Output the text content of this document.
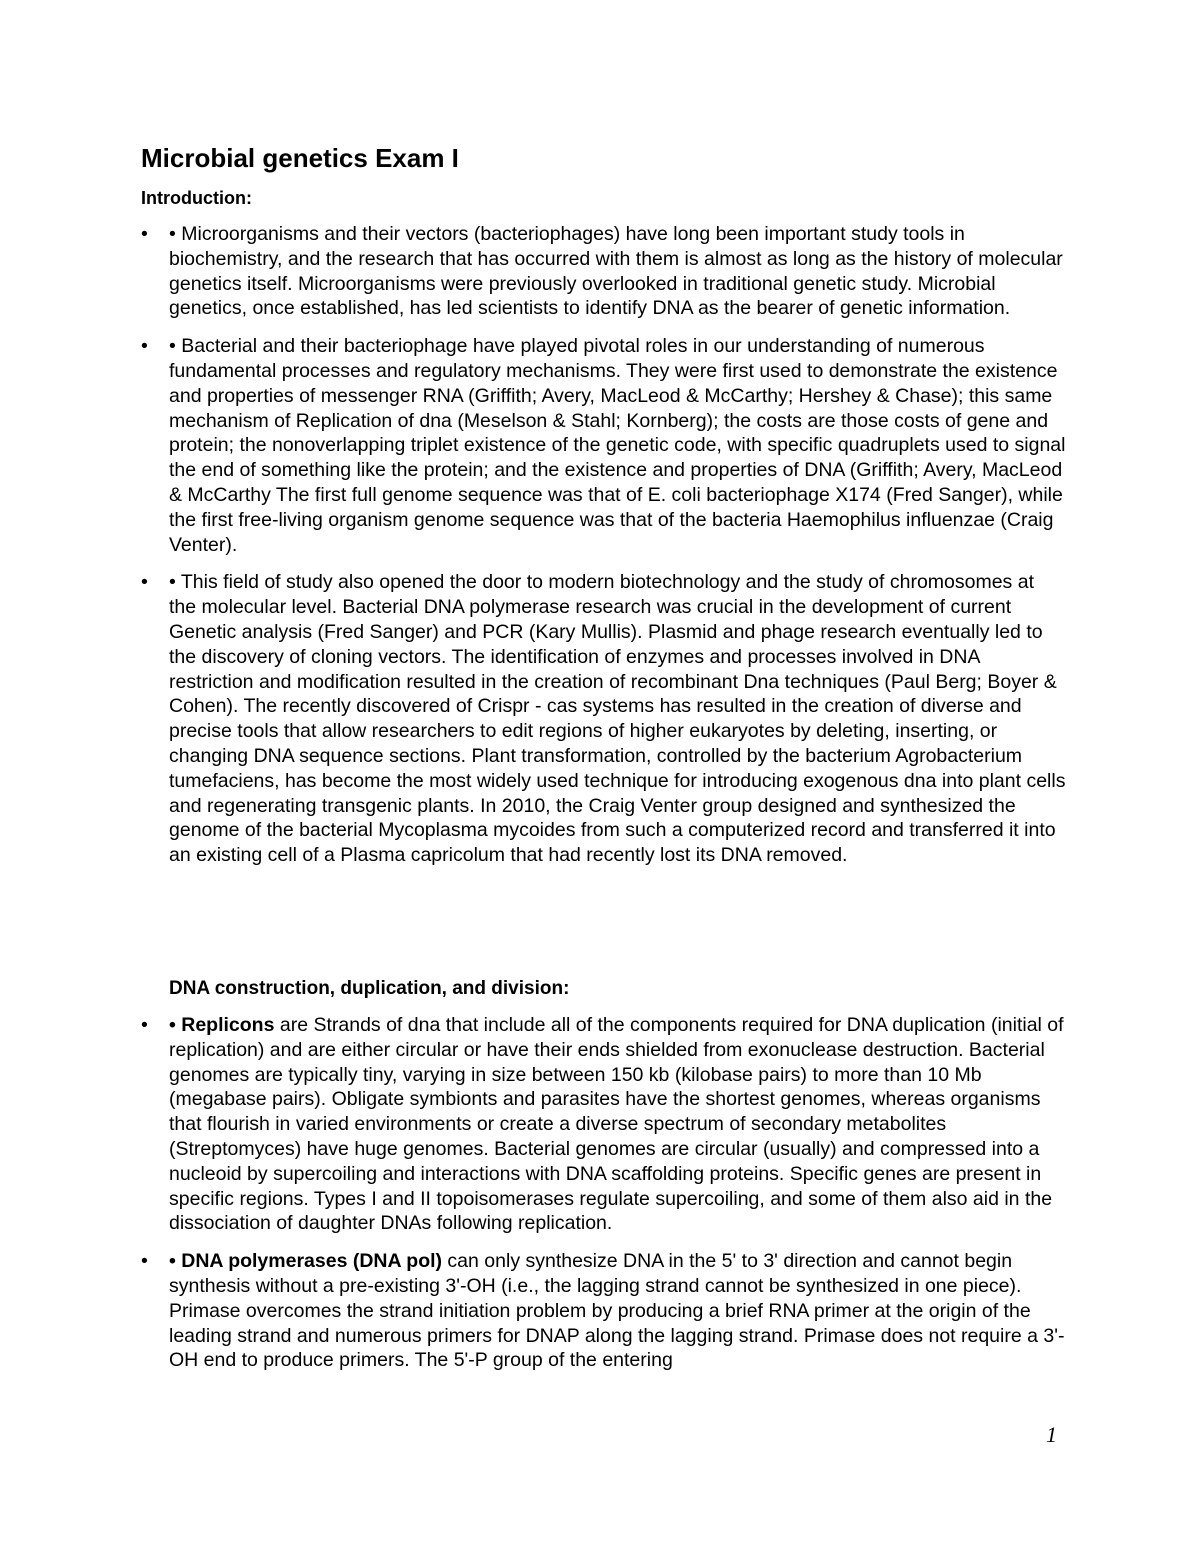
Microbial genetics Exam I
Introduction:
•	• Microorganisms and their vectors (bacteriophages) have long been important study tools in biochemistry, and the research that has occurred with them is almost as long as the history of molecular genetics itself. Microorganisms were previously overlooked in traditional genetic study. Microbial genetics, once established, has led scientists to identify DNA as the bearer of genetic information.
•	• Bacterial and their bacteriophage have played pivotal roles in our understanding of numerous fundamental processes and regulatory mechanisms. They were first used to demonstrate the existence and properties of messenger RNA (Griffith; Avery, MacLeod & McCarthy; Hershey & Chase); this same mechanism of Replication of dna (Meselson & Stahl; Kornberg); the costs are those costs of gene and protein; the nonoverlapping triplet existence of the genetic code, with specific quadruplets used to signal the end of something like the protein; and the existence and properties of DNA (Griffith; Avery, MacLeod & McCarthy The first full genome sequence was that of E. coli bacteriophage X174 (Fred Sanger), while the first free-living organism genome sequence was that of the bacteria Haemophilus influenzae (Craig Venter).
•	• This field of study also opened the door to modern biotechnology and the study of chromosomes at the molecular level. Bacterial DNA polymerase research was crucial in the development of current Genetic analysis (Fred Sanger) and PCR (Kary Mullis). Plasmid and phage research eventually led to the discovery of cloning vectors. The identification of enzymes and processes involved in DNA restriction and modification resulted in the creation of recombinant Dna techniques (Paul Berg; Boyer & Cohen). The recently discovered of Crispr - cas systems has resulted in the creation of diverse and precise tools that allow researchers to edit regions of higher eukaryotes by deleting, inserting, or changing DNA sequence sections. Plant transformation, controlled by the bacterium Agrobacterium tumefaciens, has become the most widely used technique for introducing exogenous dna into plant cells and regenerating transgenic plants. In 2010, the Craig Venter group designed and synthesized the genome of the bacterial Mycoplasma mycoides from such a computerized record and transferred it into an existing cell of a Plasma capricolum that had recently lost its DNA removed.
DNA construction, duplication, and division:
•	• Replicons are Strands of dna that include all of the components required for DNA duplication (initial of replication) and are either circular or have their ends shielded from exonuclease destruction. Bacterial genomes are typically tiny, varying in size between 150 kb (kilobase pairs) to more than 10 Mb (megabase pairs). Obligate symbionts and parasites have the shortest genomes, whereas organisms that flourish in varied environments or create a diverse spectrum of secondary metabolites (Streptomyces) have huge genomes. Bacterial genomes are circular (usually) and compressed into a nucleoid by supercoiling and interactions with DNA scaffolding proteins. Specific genes are present in specific regions. Types I and II topoisomerases regulate supercoiling, and some of them also aid in the dissociation of daughter DNAs following replication.
•	• DNA polymerases (DNA pol) can only synthesize DNA in the 5' to 3' direction and cannot begin synthesis without a pre-existing 3'-OH (i.e., the lagging strand cannot be synthesized in one piece). Primase overcomes the strand initiation problem by producing a brief RNA primer at the origin of the leading strand and numerous primers for DNAP along the lagging strand. Primase does not require a 3'-OH end to produce primers. The 5'-P group of the entering
1
